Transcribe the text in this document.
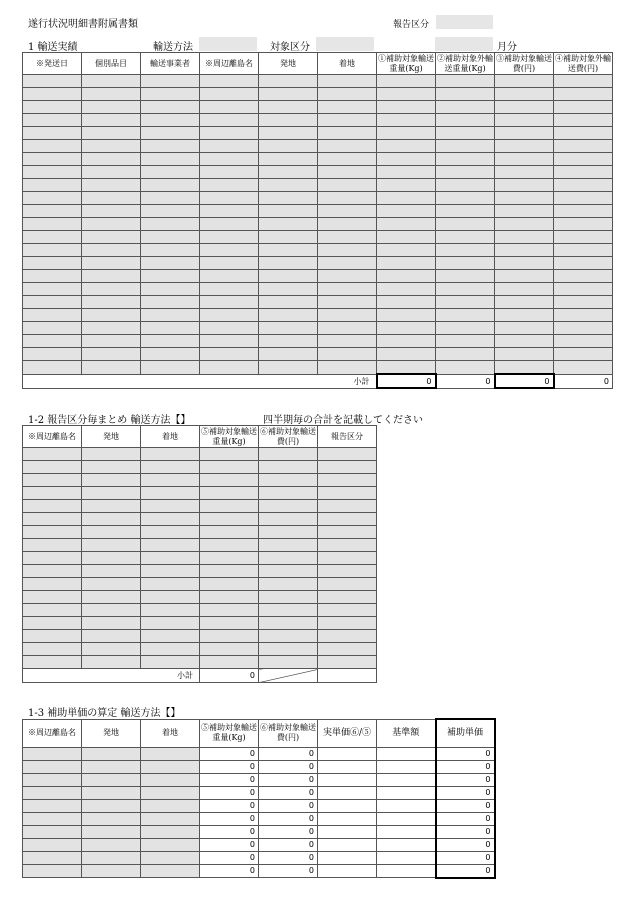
遂行状況明細書附属書類	報告区分
1 輸送実績	輸送方法	対象区分	月分
※発送日	個別品目	輸送事業者	※周辺離島名	発地	着地	①補助対象輸送重量(Kg)	②補助対象外輸送重量(Kg)	③補助対象輸送費(円)	④補助対象外輸送費(円)

小計						0	0	0	0
1-2 報告区分毎まとめ 輸送方法【】	四半期毎の合計を記載してください
※周辺離島名	発地	着地	⑤補助対象輸送重量(Kg)	⑥補助対象輸送費(円)	報告区分

小計			0		
1-3 補助単価の算定 輸送方法【】
※周辺離島名	発地	着地	⑤補助対象輸送重量(Kg)	⑥補助対象輸送費(円)	実単価⑥/⑤	基準額	補助単価
			0	0			0
			0	0			0
			0	0			0
			0	0			0
			0	0			0
			0	0			0
			0	0			0
			0	0			0
			0	0			0
			0	0			0
